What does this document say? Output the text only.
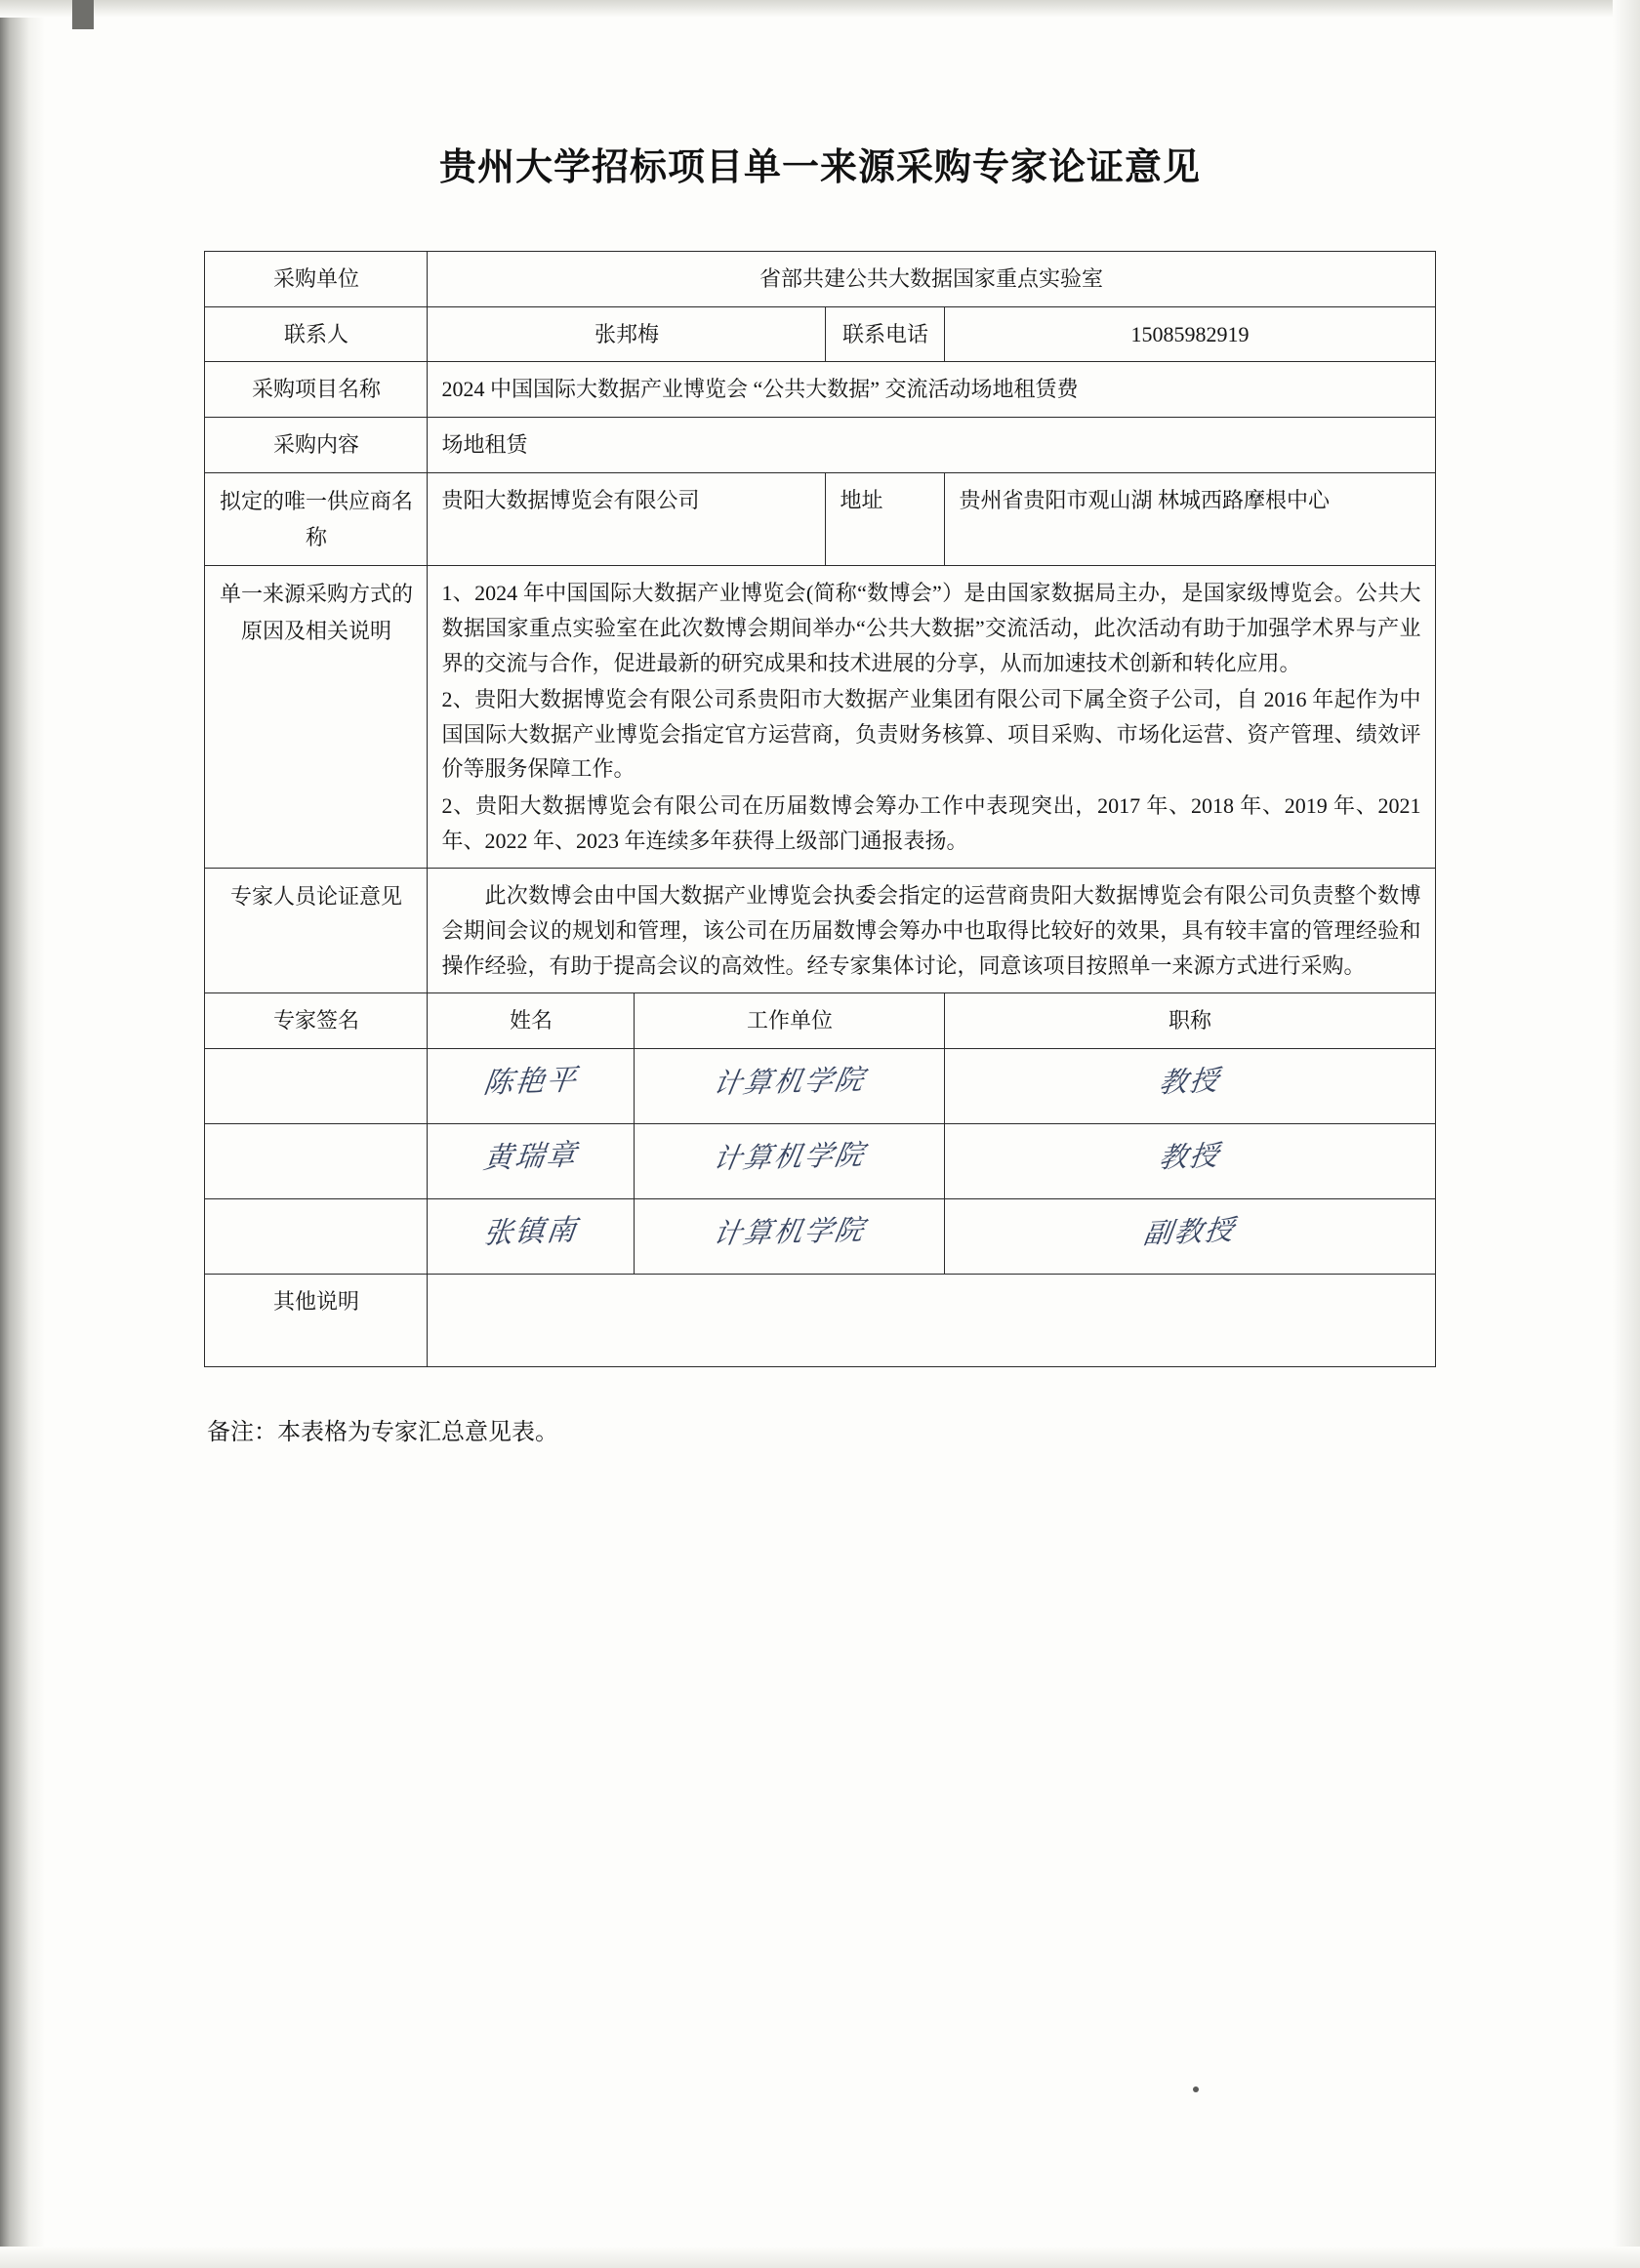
贵州大学招标项目单一来源采购专家论证意见
采购单位	省部共建公共大数据国家重点实验室			
联系人	张邦梅		联系电话	15085982919
采购项目名称	2024 中国国际大数据产业博览会 “公共大数据” 交流活动场地租赁费			
采购内容	场地租赁			
拟定的唯一供应商名称	贵阳大数据博览会有限公司		地址	贵州省贵阳市观山湖 林城西路摩根中心
单一来源采购方式的原因及相关说明	1、2024 年中国国际大数据产业博览会(简称“数博会”）是由国家数据局主办，是国家级博览会。公共大数据国家重点实验室在此次数博会期间举办“公共大数据”交流活动，此次活动有助于加强学术界与产业界的交流与合作，促进最新的研究成果和技术进展的分享，从而加速技术创新和转化应用。

2、贵阳大数据博览会有限公司系贵阳市大数据产业集团有限公司下属全资子公司，自 2016 年起作为中国国际大数据产业博览会指定官方运营商，负责财务核算、项目采购、市场化运营、资产管理、绩效评价等服务保障工作。

2、贵阳大数据博览会有限公司在历届数博会筹办工作中表现突出，2017 年、2018 年、2019 年、2021 年、2022 年、2023 年连续多年获得上级部门通报表扬。			

专家人员论证意见	此次数博会由中国大数据产业博览会执委会指定的运营商贵阳大数据博览会有限公司负责整个数博会期间会议的规划和管理，该公司在历届数博会筹办中也取得比较好的效果，具有较丰富的管理经验和操作经验，有助于提高会议的高效性。经专家集体讨论，同意该项目按照单一来源方式进行采购。			

专家签名	姓名	工作单位		职称

	陈艳平	计算机学院		教授

	黄瑞章	计算机学院		教授

	张镇南	计算机学院		副教授

其他说明				
备注：本表格为专家汇总意见表。
